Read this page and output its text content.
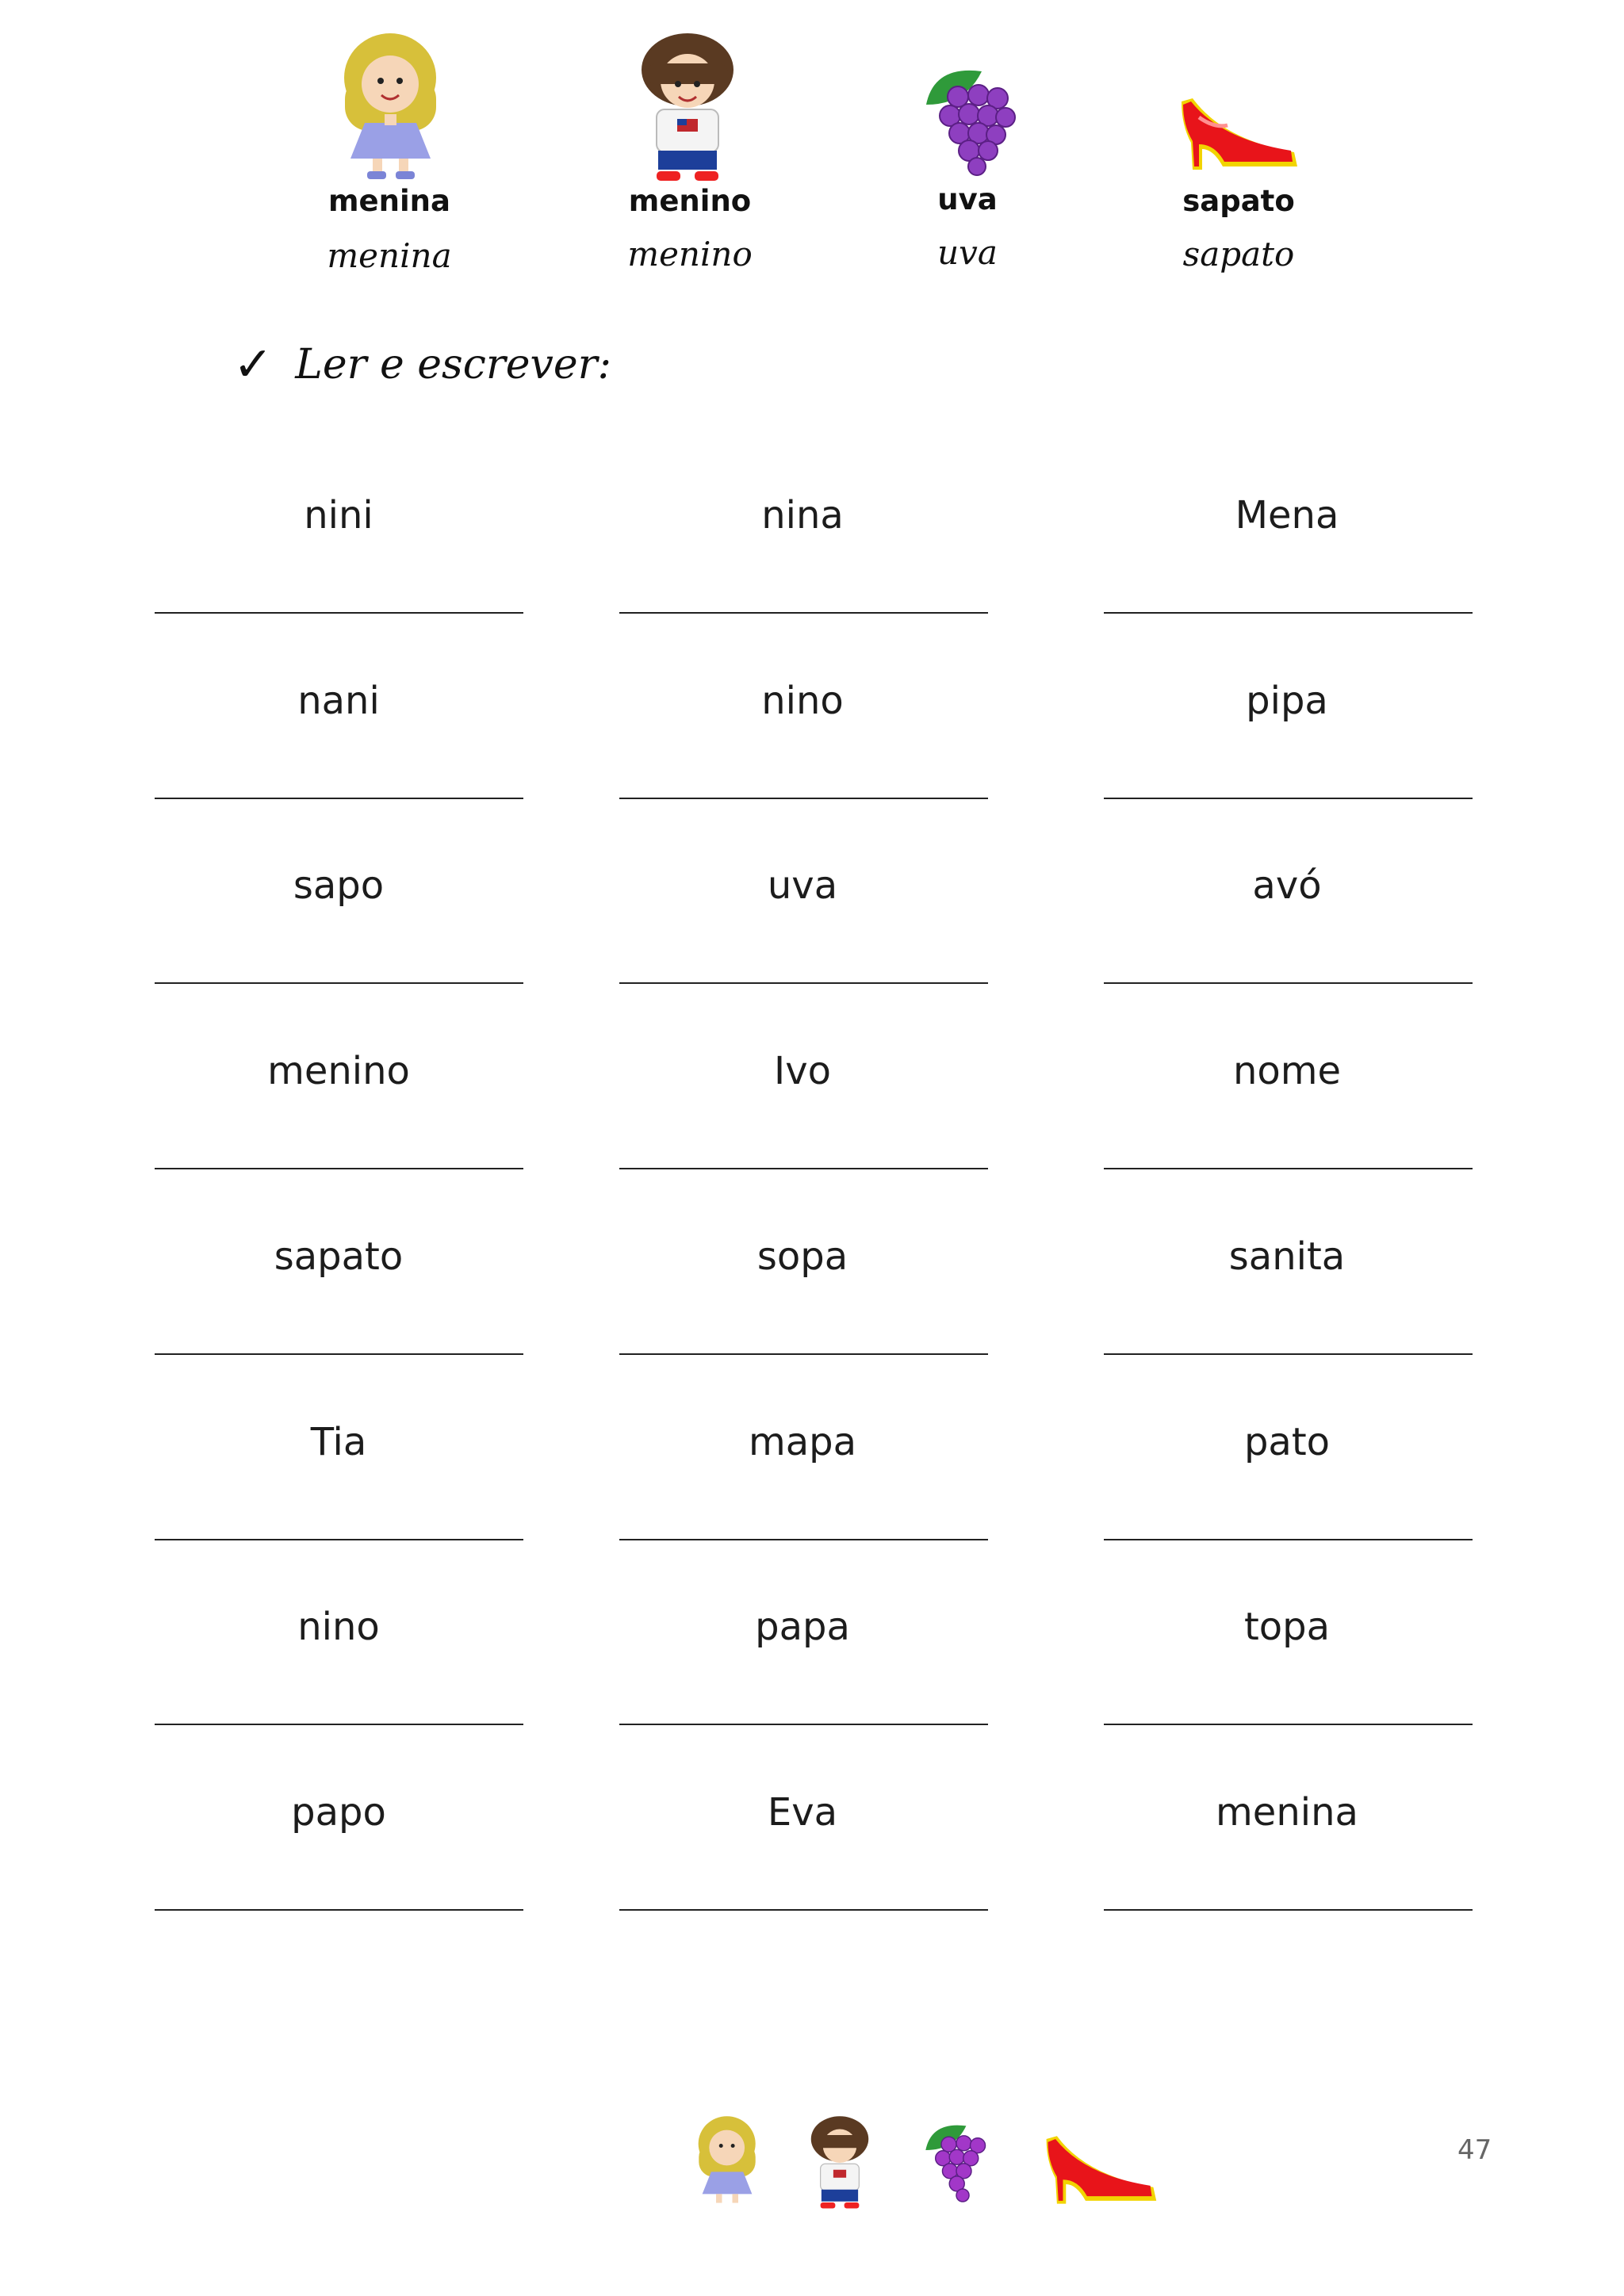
menina	menino	uva	sapato
menina	menino	uva	sapato
✓ Ler e escrever:
nini	nina	Mena
nani	nino	pipa
sapo	uva	avó
menino	Ivo	nome
sapato	sopa	sanita
Tia	mapa	pato
nino	papa	topa
papo	Eva	menina
47
